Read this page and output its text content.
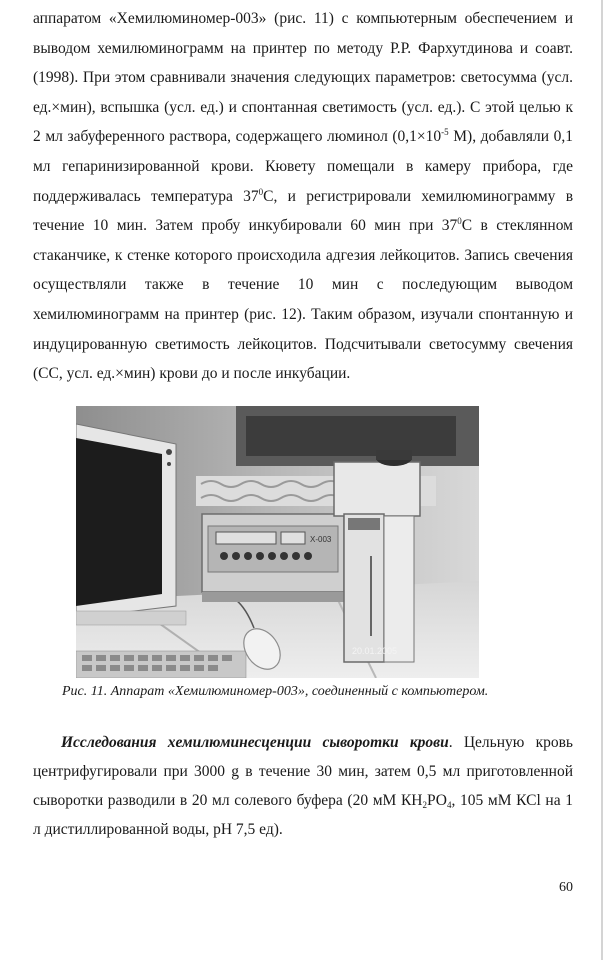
аппаратом «Хемилюминомер-003» (рис. 11) с компьютерным обеспечением и выводом хемилюминограмм на принтер по методу Р.Р. Фархутдинова и соавт. (1998). При этом сравнивали значения следующих параметров: светосумма (усл. ед.×мин), вспышка (усл. ед.) и спонтанная светимость (усл. ед.). С этой целью к 2 мл забуференного раствора, содержащего люминол ($0,1\times 10^{-5}$ М), добавляли 0,1 мл гепаринизированной крови. Кювету помещали в камеру прибора, где поддерживалась температура $37^0С$, и регистрировали хемилюминограмму в течение 10 мин. Затем пробу инкубировали 60 мин при $37^0С$ в стеклянном стаканчике, к стенке которого происходила адгезия лейкоцитов. Запись свечения осуществляли также в течение 10 мин с последующим выводом хемилюминограмм на принтер (рис. 12). Таким образом, изучали спонтанную и индуцированную светимость лейкоцитов. Подсчитывали светосумму свечения (СС, усл. ед.×мин) крови до и после инкубации.
Х-003
20.01.2005
Рис. 11. Аппарат «Хемилюминомер-003», соединенный с компьютером.
Исследования хемилюминесценции сыворотки крови. Цельную кровь центрифугировали при 3000 g в течение 30 мин, затем 0,5 мл приготовленной сыворотки разводили в 20 мл солевого буфера (20 мМ $КН_2РО_4$, 105 мМ КСl на 1 л дистиллированной воды, pH 7,5 ед).
60
